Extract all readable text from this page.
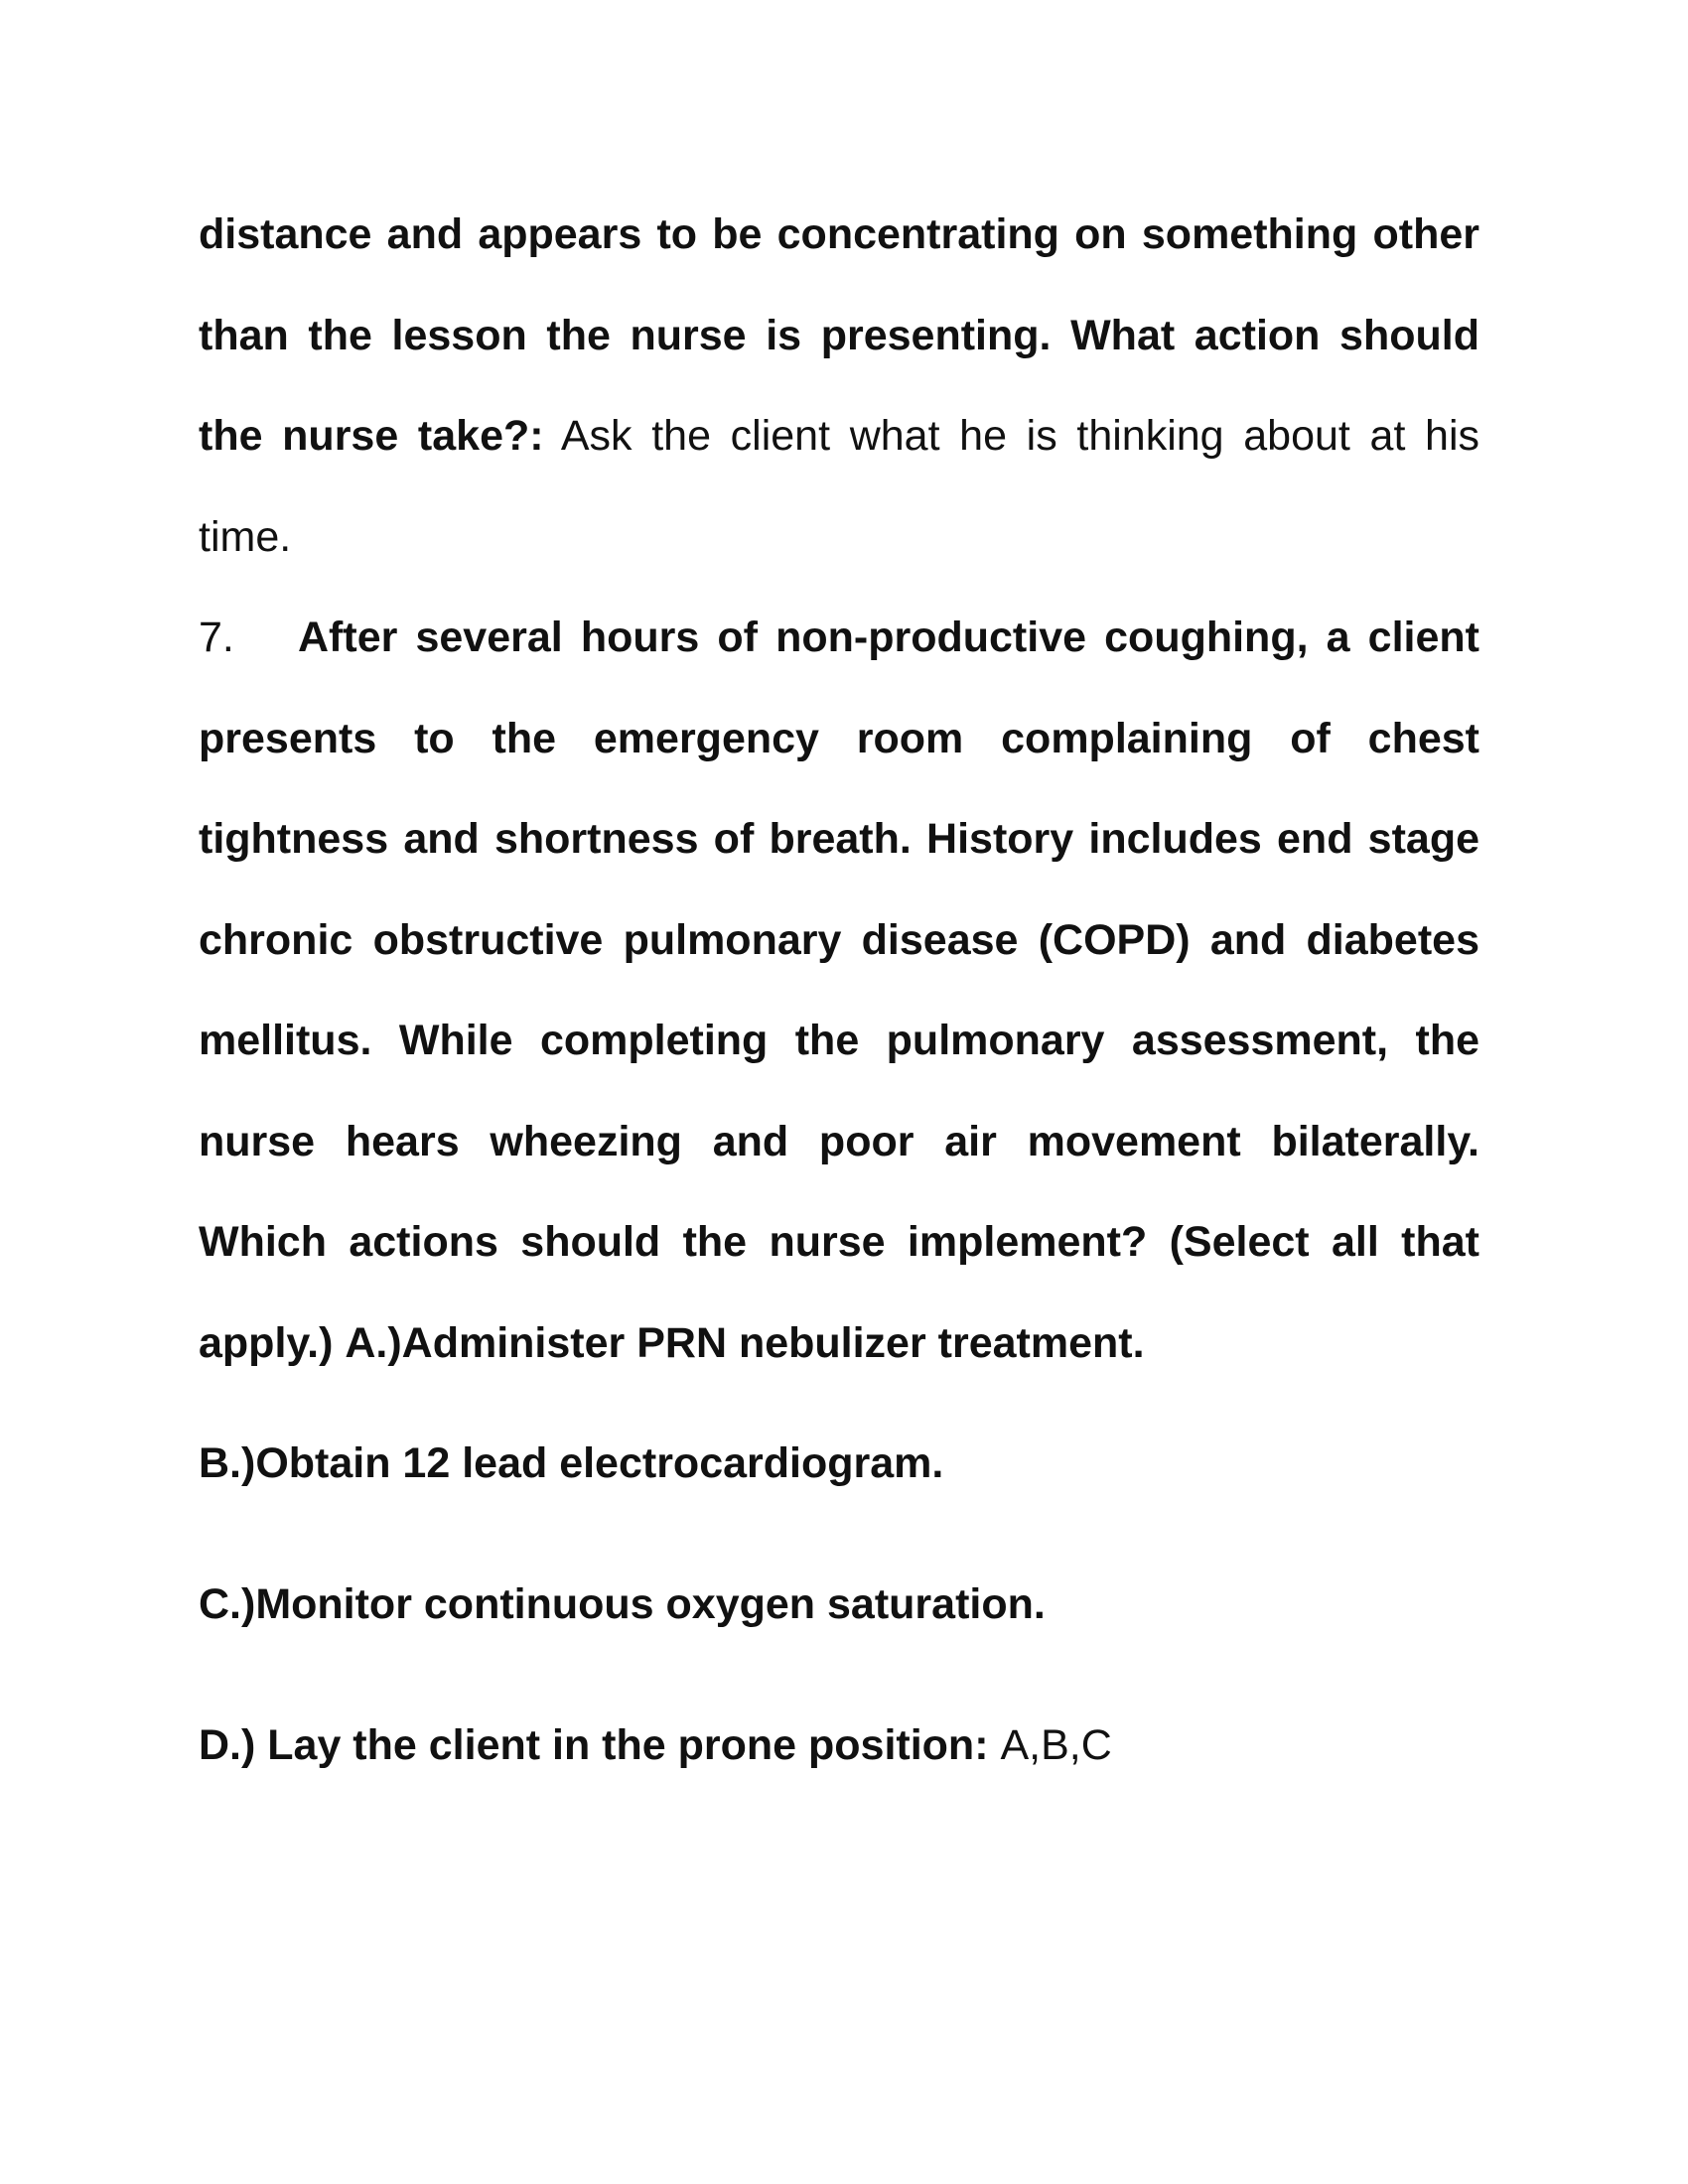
distance and appears to be concentrating on something other than the lesson the nurse is presenting. What action should the nurse take?: Ask the client what he is thinking about at his time.

7. After several hours of non-productive coughing, a client presents to the emergency room complaining of chest tightness and shortness of breath. History includes end stage chronic obstructive pulmonary disease (COPD) and diabetes mellitus. While completing the pulmonary assessment, the nurse hears wheezing and poor air movement bilaterally. Which actions should the nurse implement? (Select all that apply.) A.)Administer PRN nebulizer treatment.

B.)Obtain 12 lead electrocardiogram.

C.)Monitor continuous oxygen saturation.

D.) Lay the client in the prone position: A,B,C
